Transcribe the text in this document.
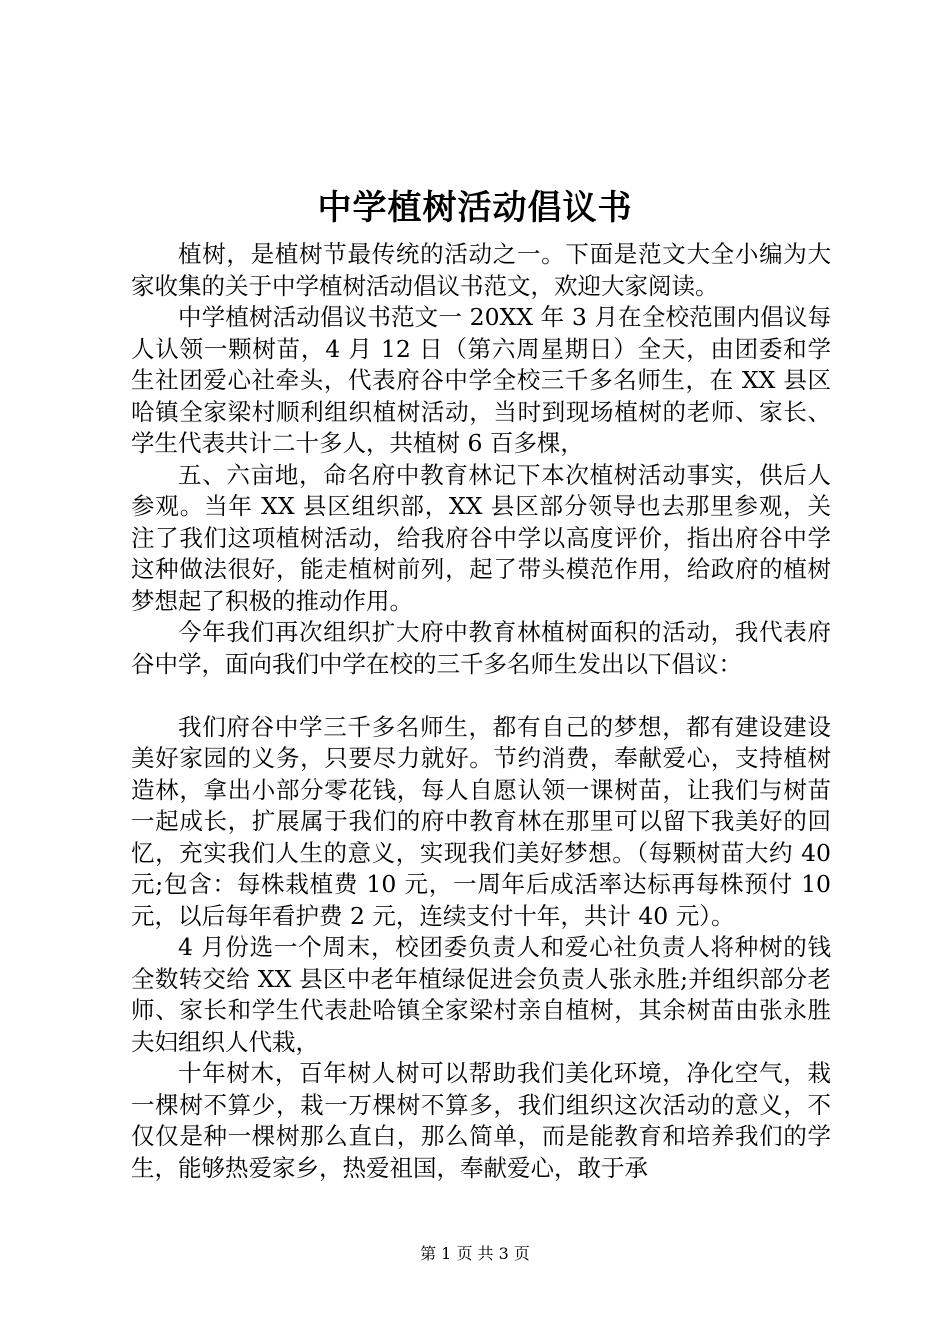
中学植树活动倡议书

植树，是植树节最传统的活动之一。下面是范文大全小编为大家收集的关于中学植树活动倡议书范文，欢迎大家阅读。

中学植树活动倡议书范文一 20XX 年 3 月在全校范围内倡议每人认领一颗树苗，4 月 12 日（第六周星期日）全天，由团委和学生社团爱心社牵头，代表府谷中学全校三千多名师生，在 XX 县区哈镇全家梁村顺利组织植树活动，当时到现场植树的老师、家长、学生代表共计二十多人，共植树 6 百多棵，

五、六亩地，命名府中教育林记下本次植树活动事实，供后人参观。当年 XX 县区组织部，XX 县区部分领导也去那里参观，关注了我们这项植树活动，给我府谷中学以高度评价，指出府谷中学这种做法很好，能走植树前列，起了带头模范作用，给政府的植树梦想起了积极的推动作用。

今年我们再次组织扩大府中教育林植树面积的活动，我代表府谷中学，面向我们中学在校的三千多名师生发出以下倡议：

我们府谷中学三千多名师生，都有自己的梦想，都有建设建设美好家园的义务，只要尽力就好。节约消费，奉献爱心，支持植树造林，拿出小部分零花钱，每人自愿认领一课树苗，让我们与树苗一起成长，扩展属于我们的府中教育林在那里可以留下我美好的回忆，充实我们人生的意义，实现我们美好梦想。（每颗树苗大约 40 元;包含：每株栽植费 10 元，一周年后成活率达标再每株预付 10 元，以后每年看护费 2 元，连续支付十年，共计 40 元）。

4 月份选一个周末，校团委负责人和爱心社负责人将种树的钱全数转交给 XX 县区中老年植绿促进会负责人张永胜;并组织部分老师、家长和学生代表赴哈镇全家梁村亲自植树，其余树苗由张永胜夫妇组织人代栽，

十年树木，百年树人树可以帮助我们美化环境，净化空气，栽一棵树不算少，栽一万棵树不算多，我们组织这次活动的意义，不仅仅是种一棵树那么直白，那么简单，而是能教育和培养我们的学生，能够热爱家乡，热爱祖国，奉献爱心，敢于承

第 1 页 共 3 页
